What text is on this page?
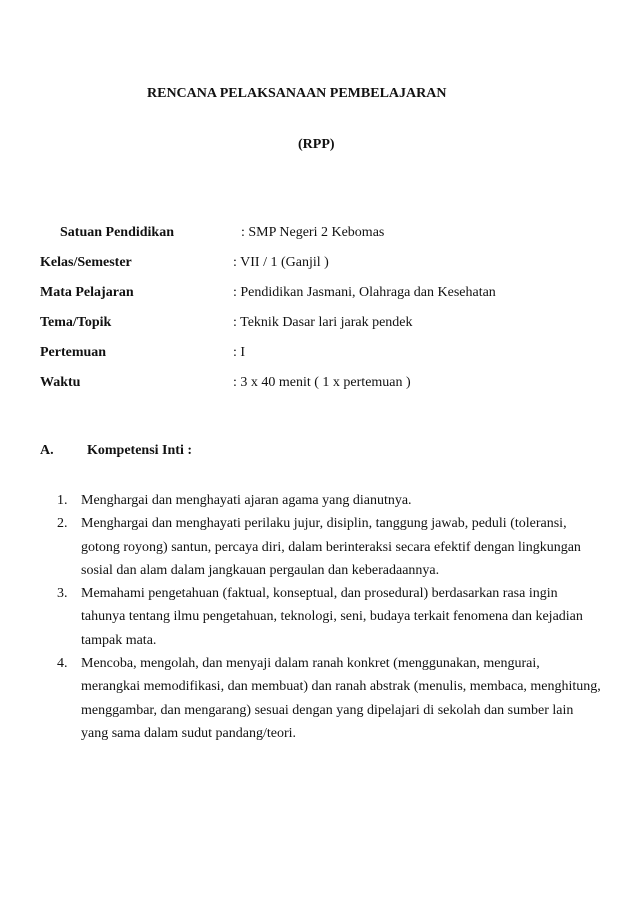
RENCANA PELAKSANAAN PEMBELAJARAN
(RPP)
Satuan Pendidikan	: SMP Negeri 2 Kebomas
Kelas/Semester	: VII / 1 (Ganjil )
Mata Pelajaran	: Pendidikan Jasmani, Olahraga dan Kesehatan
Tema/Topik	: Teknik Dasar lari jarak pendek
Pertemuan	: I
Waktu	: 3 x 40 menit ( 1 x pertemuan )
A. Kompetensi Inti :
1. Menghargai dan menghayati ajaran agama yang dianutnya.
2. Menghargai dan menghayati perilaku jujur, disiplin, tanggung jawab, peduli (toleransi, gotong royong) santun, percaya diri, dalam berinteraksi secara efektif dengan lingkungan sosial dan alam dalam jangkauan pergaulan dan keberadaannya.
3. Memahami pengetahuan (faktual, konseptual, dan prosedural) berdasarkan rasa ingin tahunya tentang ilmu pengetahuan, teknologi, seni, budaya terkait fenomena dan kejadian tampak mata.
4. Mencoba, mengolah, dan menyaji dalam ranah konkret (menggunakan, mengurai, merangkai memodifikasi, dan membuat) dan ranah abstrak (menulis, membaca, menghitung, menggambar, dan mengarang) sesuai dengan yang dipelajari di sekolah dan sumber lain yang sama dalam sudut pandang/teori.
